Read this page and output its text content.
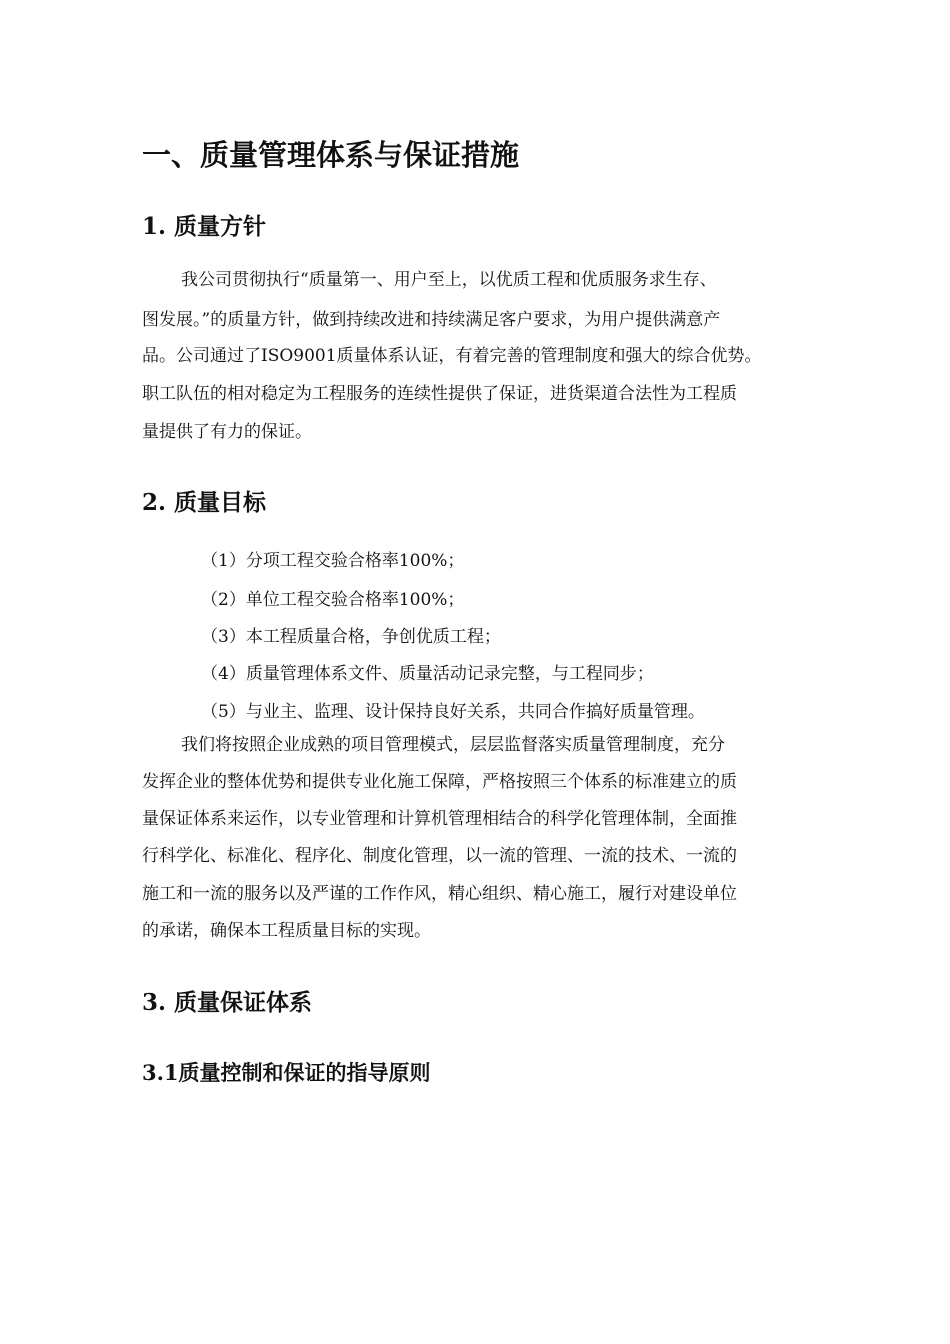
一、质量管理体系与保证措施
1. 质量方针

我公司贯彻执行“质量第一、用户至上，以优质工程和优质服务求生存、

图发展。”的质量方针，做到持续改进和持续满足客户要求，为用户提供满意产

品。公司通过了ISO9001质量体系认证，有着完善的管理制度和强大的综合优势。

职工队伍的相对稳定为工程服务的连续性提供了保证，进货渠道合法性为工程质

量提供了有力的保证。

2. 质量目标

（1）分项工程交验合格率100%；

（2）单位工程交验合格率100%；

（3）本工程质量合格，争创优质工程；

（4）质量管理体系文件、质量活动记录完整，与工程同步；

（5）与业主、监理、设计保持良好关系，共同合作搞好质量管理。

我们将按照企业成熟的项目管理模式，层层监督落实质量管理制度，充分

发挥企业的整体优势和提供专业化施工保障，严格按照三个体系的标准建立的质

量保证体系来运作，以专业管理和计算机管理相结合的科学化管理体制，全面推

行科学化、标准化、程序化、制度化管理，以一流的管理、一流的技术、一流的

施工和一流的服务以及严谨的工作作风，精心组织、精心施工，履行对建设单位

的承诺，确保本工程质量目标的实现。

3. 质量保证体系
3.1质量控制和保证的指导原则
